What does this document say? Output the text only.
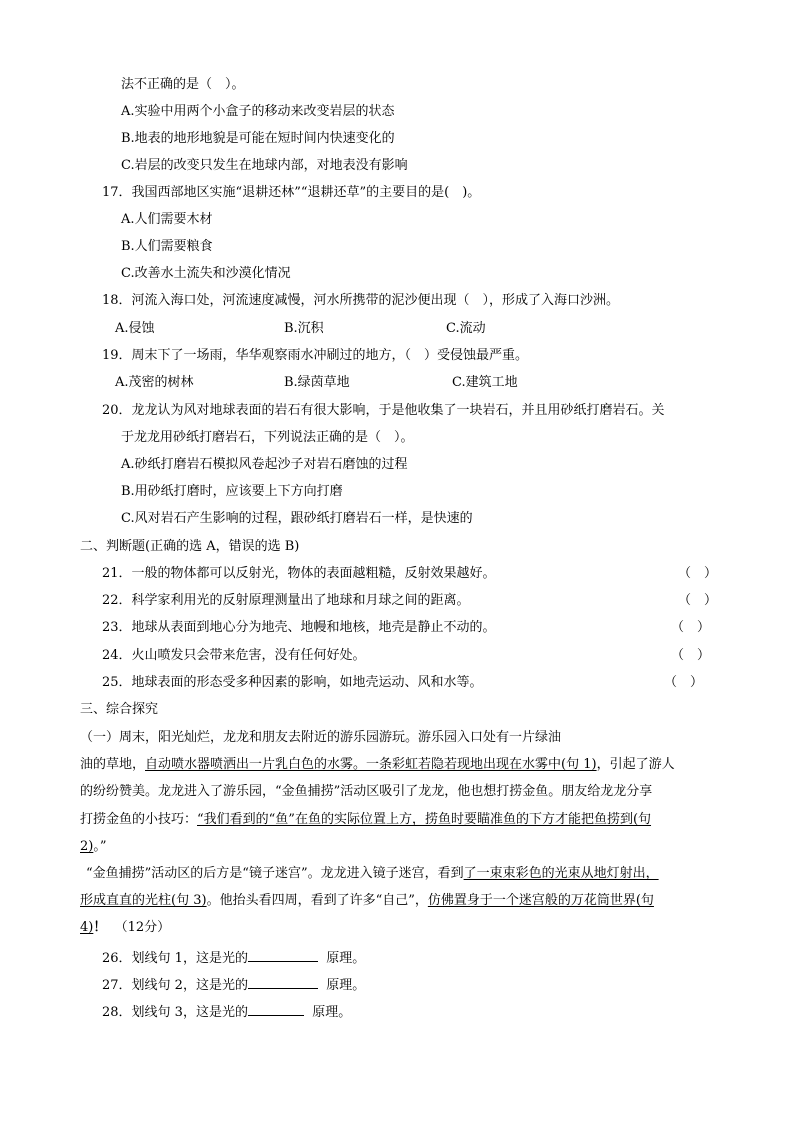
法不正确的是（　）。
A.实验中用两个小盒子的移动来改变岩层的状态
B.地表的地形地貌是可能在短时间内快速变化的
C.岩层的改变只发生在地球内部，对地表没有影响
17．我国西部地区实施“退耕还林”“退耕还草”的主要目的是(　)。
A.人们需要木材
B.人们需要粮食
C.改善水土流失和沙漠化情况
18．河流入海口处，河流速度减慢，河水所携带的泥沙便出现（　），形成了入海口沙洲。
A.侵蚀	B.沉积	C.流动
19．周末下了一场雨，华华观察雨水冲刷过的地方，（　）受侵蚀最严重。
A.茂密的树林	B.绿茵草地	C.建筑工地
20．龙龙认为风对地球表面的岩石有很大影响，于是他收集了一块岩石，并且用砂纸打磨岩石。关
于龙龙用砂纸打磨岩石，下列说法正确的是（　）。
A.砂纸打磨岩石模拟风卷起沙子对岩石磨蚀的过程
B.用砂纸打磨时，应该要上下方向打磨
C.风对岩石产生影响的过程，跟砂纸打磨岩石一样，是快速的
二、判断题(正确的选 A，错误的选 B)
21．一般的物体都可以反射光，物体的表面越粗糙，反射效果越好。	（　）
22．科学家利用光的反射原理测量出了地球和月球之间的距离。	（　）
23．地球从表面到地心分为地壳、地幔和地核，地壳是静止不动的。	（　）
24．火山喷发只会带来危害，没有任何好处。	（　）
25．地球表面的形态受多种因素的影响，如地壳运动、风和水等。	（　）
三、综合探究
（一）周末，阳光灿烂，龙龙和朋友去附近的游乐园游玩。游乐园入口处有一片绿油
油的草地，自动喷水器喷洒出一片乳白色的水雾。一条彩虹若隐若现地出现在水雾中(句 1)，引起了游人
的纷纷赞美。龙龙进入了游乐园，“金鱼捕捞”活动区吸引了龙龙，他也想打捞金鱼。朋友给龙龙分享
打捞金鱼的小技巧：“我们看到的“鱼”在鱼的实际位置上方，捞鱼时要瞄准鱼的下方才能把鱼捞到(句
2)。”
“金鱼捕捞”活动区的后方是“镜子迷宫”。龙龙进入镜子迷宫，看到了一束束彩色的光束从地灯射出，
形成直直的光柱(句 3)。他抬头看四周，看到了许多“自己”，仿佛置身于一个迷宫般的万花筒世界(句
4)！ （12分）
26．划线句 1，这是光的	原理。
27．划线句 2，这是光的	原理。
28．划线句 3，这是光的	原理。
